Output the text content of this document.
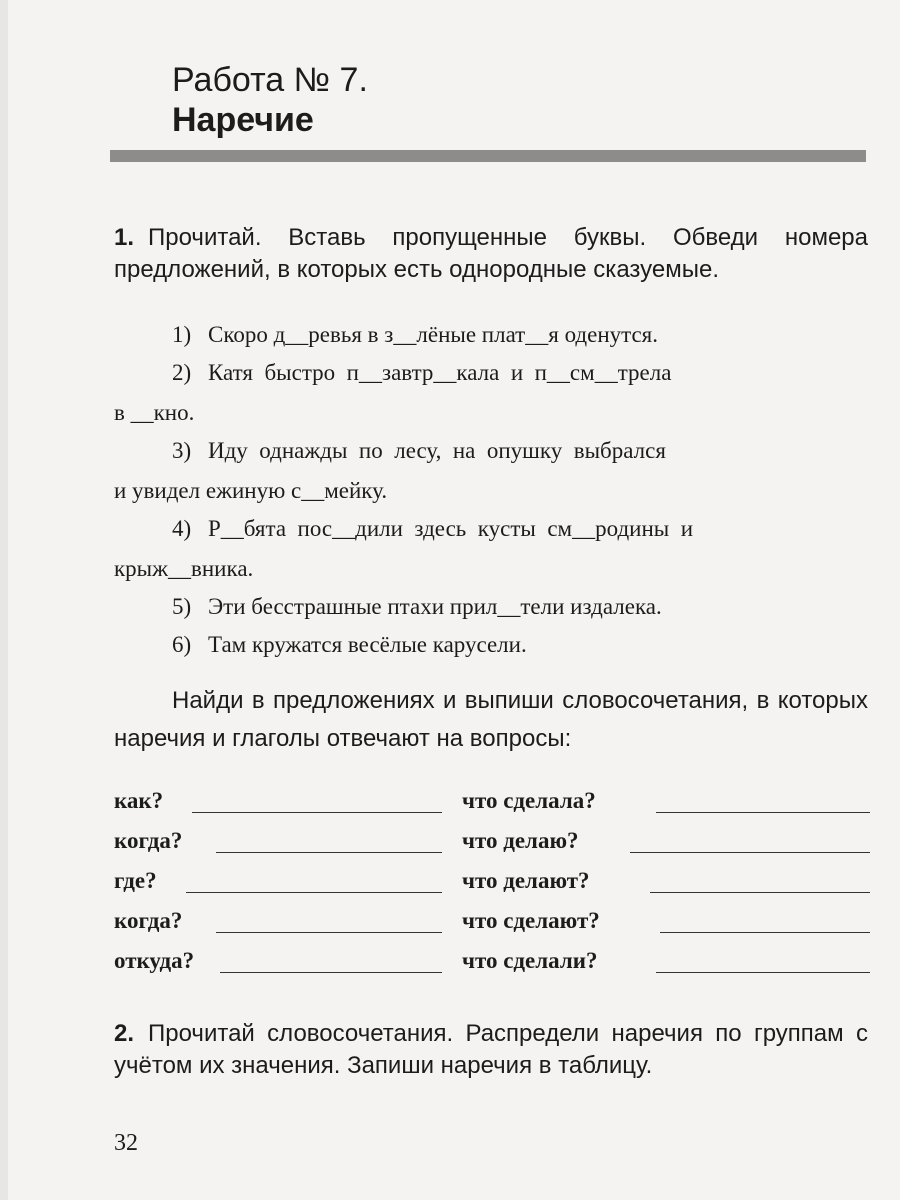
Работа № 7.
Наречие
1. Прочитай. Вставь пропущенные буквы. Обведи номера предложений, в которых есть однородные сказуемые.
1) Скоро д__ревья в з__лёные плат__я оденутся.
2) Катя  быстро  п__завтр__кала  и  п__см__трела
в __кно.
3) Иду  однажды  по  лесу,  на  опушку  выбрался
и увидел ежиную с__мейку.
4) Р__бята  пос__дили  здесь  кусты  см__родины  и
крыж__вника.
5) Эти бесстрашные птахи прил__тели издалека.
6) Там кружатся весёлые карусели.
Найди в предложениях и выпиши словосочетания, в которых наречия и глаголы отвечают на вопросы:
как?	что сделала?
когда?	что делаю?
где?	что делают?
когда?	что сделают?
откуда?	что сделали?
2. Прочитай словосочетания. Распредели наречия по группам с учётом их значения. Запиши наречия в таблицу.
32
